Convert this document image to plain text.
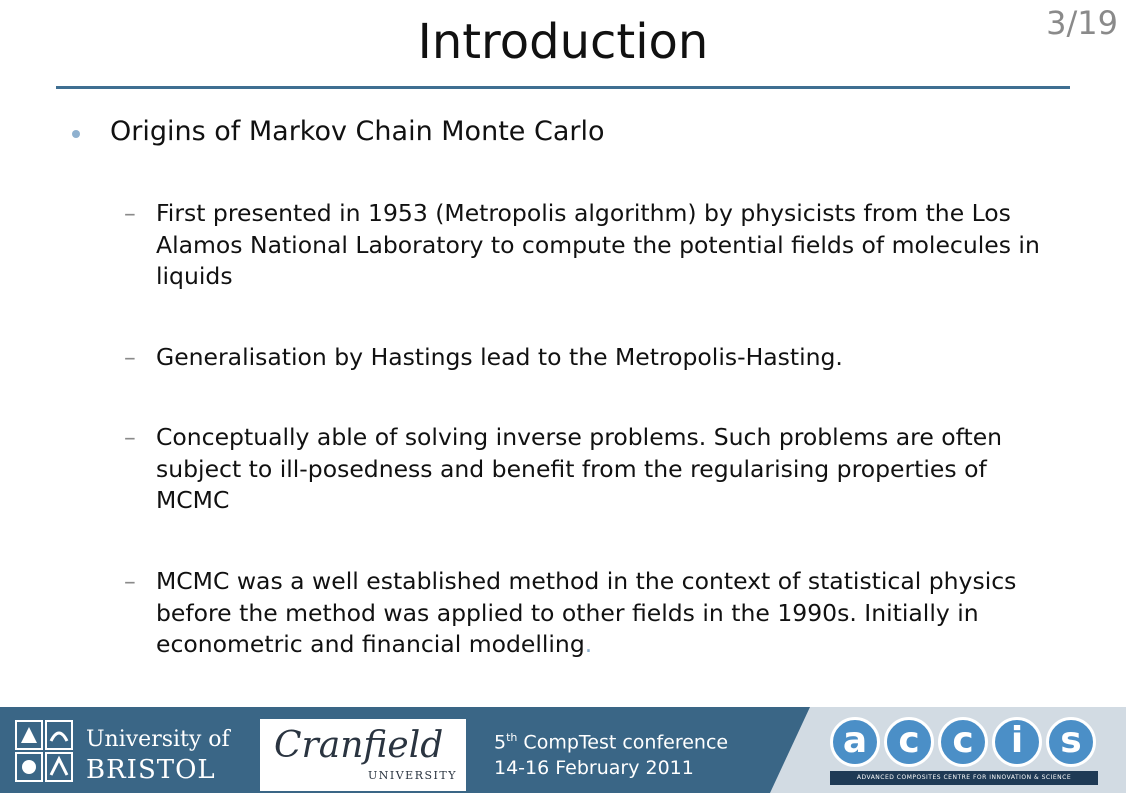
Introduction	3/19
Origins of Markov Chain Monte Carlo
– First presented in 1953 (Metropolis algorithm) by physicists from the Los Alamos National Laboratory to compute the potential fields of molecules in liquids
– Generalisation by Hastings lead to the Metropolis-Hasting.
– Conceptually able of solving inverse problems. Such problems are often subject to ill-posedness and benefit from the regularising properties of MCMC
– MCMC was a well established method in the context of statistical physics before the method was applied to other fields in the 1990s. Initially in econometric and financial modelling.
University of
BRISTOL
Cranfield
UNIVERSITY
5th CompTest conference
14-16 February 2011
a c c	i	s
ADVANCED COMPOSITES CENTRE FOR INNOVATION & SCIENCE
